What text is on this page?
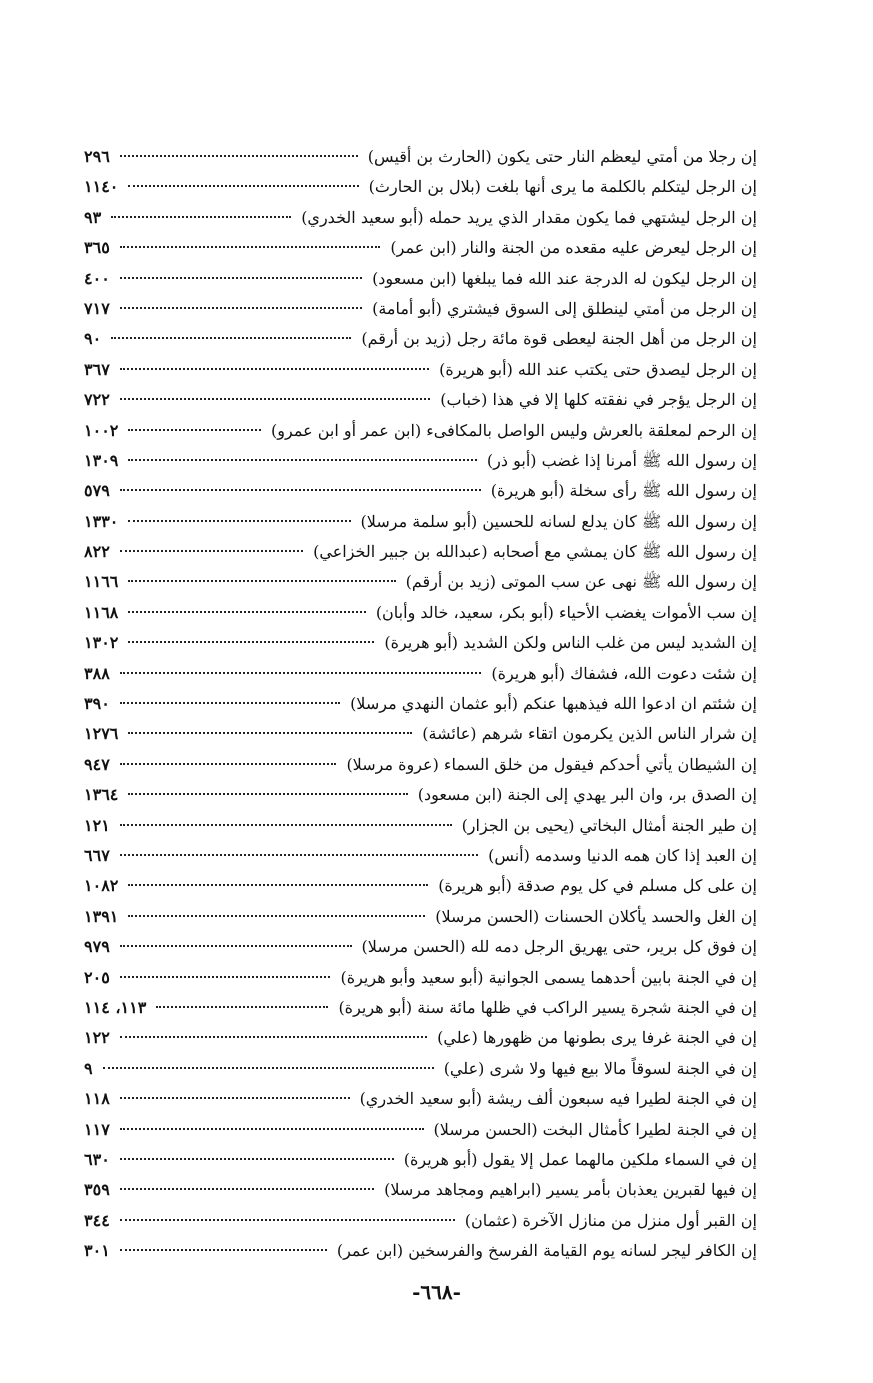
إن رجلا من أمتي ليعظم النار حتى يكون (الحارث بن أقيس)
٢٩٦
إن الرجل ليتكلم بالكلمة ما يرى أنها بلغت (بلال بن الحارث)
١١٤٠
إن الرجل ليشتهي فما يكون مقدار الذي يريد حمله (أبو سعيد الخدري)
٩٣
إن الرجل ليعرض عليه مقعده من الجنة والنار (ابن عمر)
٣٦٥
إن الرجل ليكون له الدرجة عند الله فما يبلغها (ابن مسعود)
٤٠٠
إن الرجل من أمتي لينطلق إلى السوق فيشتري (أبو أمامة)
٧١٧
إن الرجل من أهل الجنة ليعطى قوة مائة رجل (زيد بن أرقم)
٩٠
إن الرجل ليصدق حتى يكتب عند الله (أبو هريرة)
٣٦٧
إن الرجل يؤجر في نفقته كلها إلا في هذا (خباب)
٧٢٢
إن الرحم لمعلقة بالعرش وليس الواصل بالمكافىء (ابن عمر أو ابن عمرو)
١٠٠٢
إن رسول الله ﷺ أمرنا إذا غضب (أبو ذر)
١٣٠٩
إن رسول الله ﷺ رأى سخلة (أبو هريرة)
٥٧٩
إن رسول الله ﷺ كان يدلع لسانه للحسين (أبو سلمة مرسلا)
١٣٣٠
إن رسول الله ﷺ كان يمشي مع أصحابه (عبدالله بن جبير الخزاعي)
٨٢٢
إن رسول الله ﷺ نهى عن سب الموتى (زيد بن أرقم)
١١٦٦
إن سب الأموات يغضب الأحياء (أبو بكر، سعيد، خالد وأبان)
١١٦٨
إن الشديد ليس من غلب الناس ولكن الشديد (أبو هريرة)
١٣٠٢
إن شئت دعوت الله، فشفاك (أبو هريرة)
٣٨٨
إن شئتم ان ادعوا الله فيذهبها عنكم (أبو عثمان النهدي مرسلا)
٣٩٠
إن شرار الناس الذين يكرمون اتقاء شرهم (عائشة)
١٢٧٦
إن الشيطان يأتي أحدكم فيقول من خلق السماء (عروة مرسلا)
٩٤٧
إن الصدق بر، وان البر يهدي إلى الجنة (ابن مسعود)
١٣٦٤
إن طير الجنة أمثال البخاتي (يحيى بن الجزار)
١٢١
إن العبد إذا كان همه الدنيا وسدمه (أنس)
٦٦٧
إن على كل مسلم في كل يوم صدقة (أبو هريرة)
١٠٨٢
إن الغل والحسد يأكلان الحسنات (الحسن مرسلا)
١٣٩١
إن فوق كل برير، حتى يهريق الرجل دمه لله (الحسن مرسلا)
٩٧٩
إن في الجنة بابين أحدهما يسمى الجوانية (أبو سعيد وأبو هريرة)
٢٠٥
إن في الجنة شجرة يسير الراكب في ظلها مائة سنة (أبو هريرة)
١١٣، ١١٤
إن في الجنة غرفا يرى بطونها من ظهورها (علي)
١٢٢
إن في الجنة لسوقاً مالا بيع فيها ولا شرى (علي)
٩
إن في الجنة لطيرا فيه سبعون ألف ريشة (أبو سعيد الخدري)
١١٨
إن في الجنة لطيرا كأمثال البخت (الحسن مرسلا)
١١٧
إن في السماء ملكين مالهما عمل إلا يقول (أبو هريرة)
٦٣٠
إن فيها لقبرين يعذبان بأمر يسير (ابراهيم ومجاهد مرسلا)
٣٥٩
إن القبر أول منزل من منازل الآخرة (عثمان)
٣٤٤
إن الكافر ليجر لسانه يوم القيامة الفرسخ والفرسخين (ابن عمر)
٣٠١
-٦٦٨-
